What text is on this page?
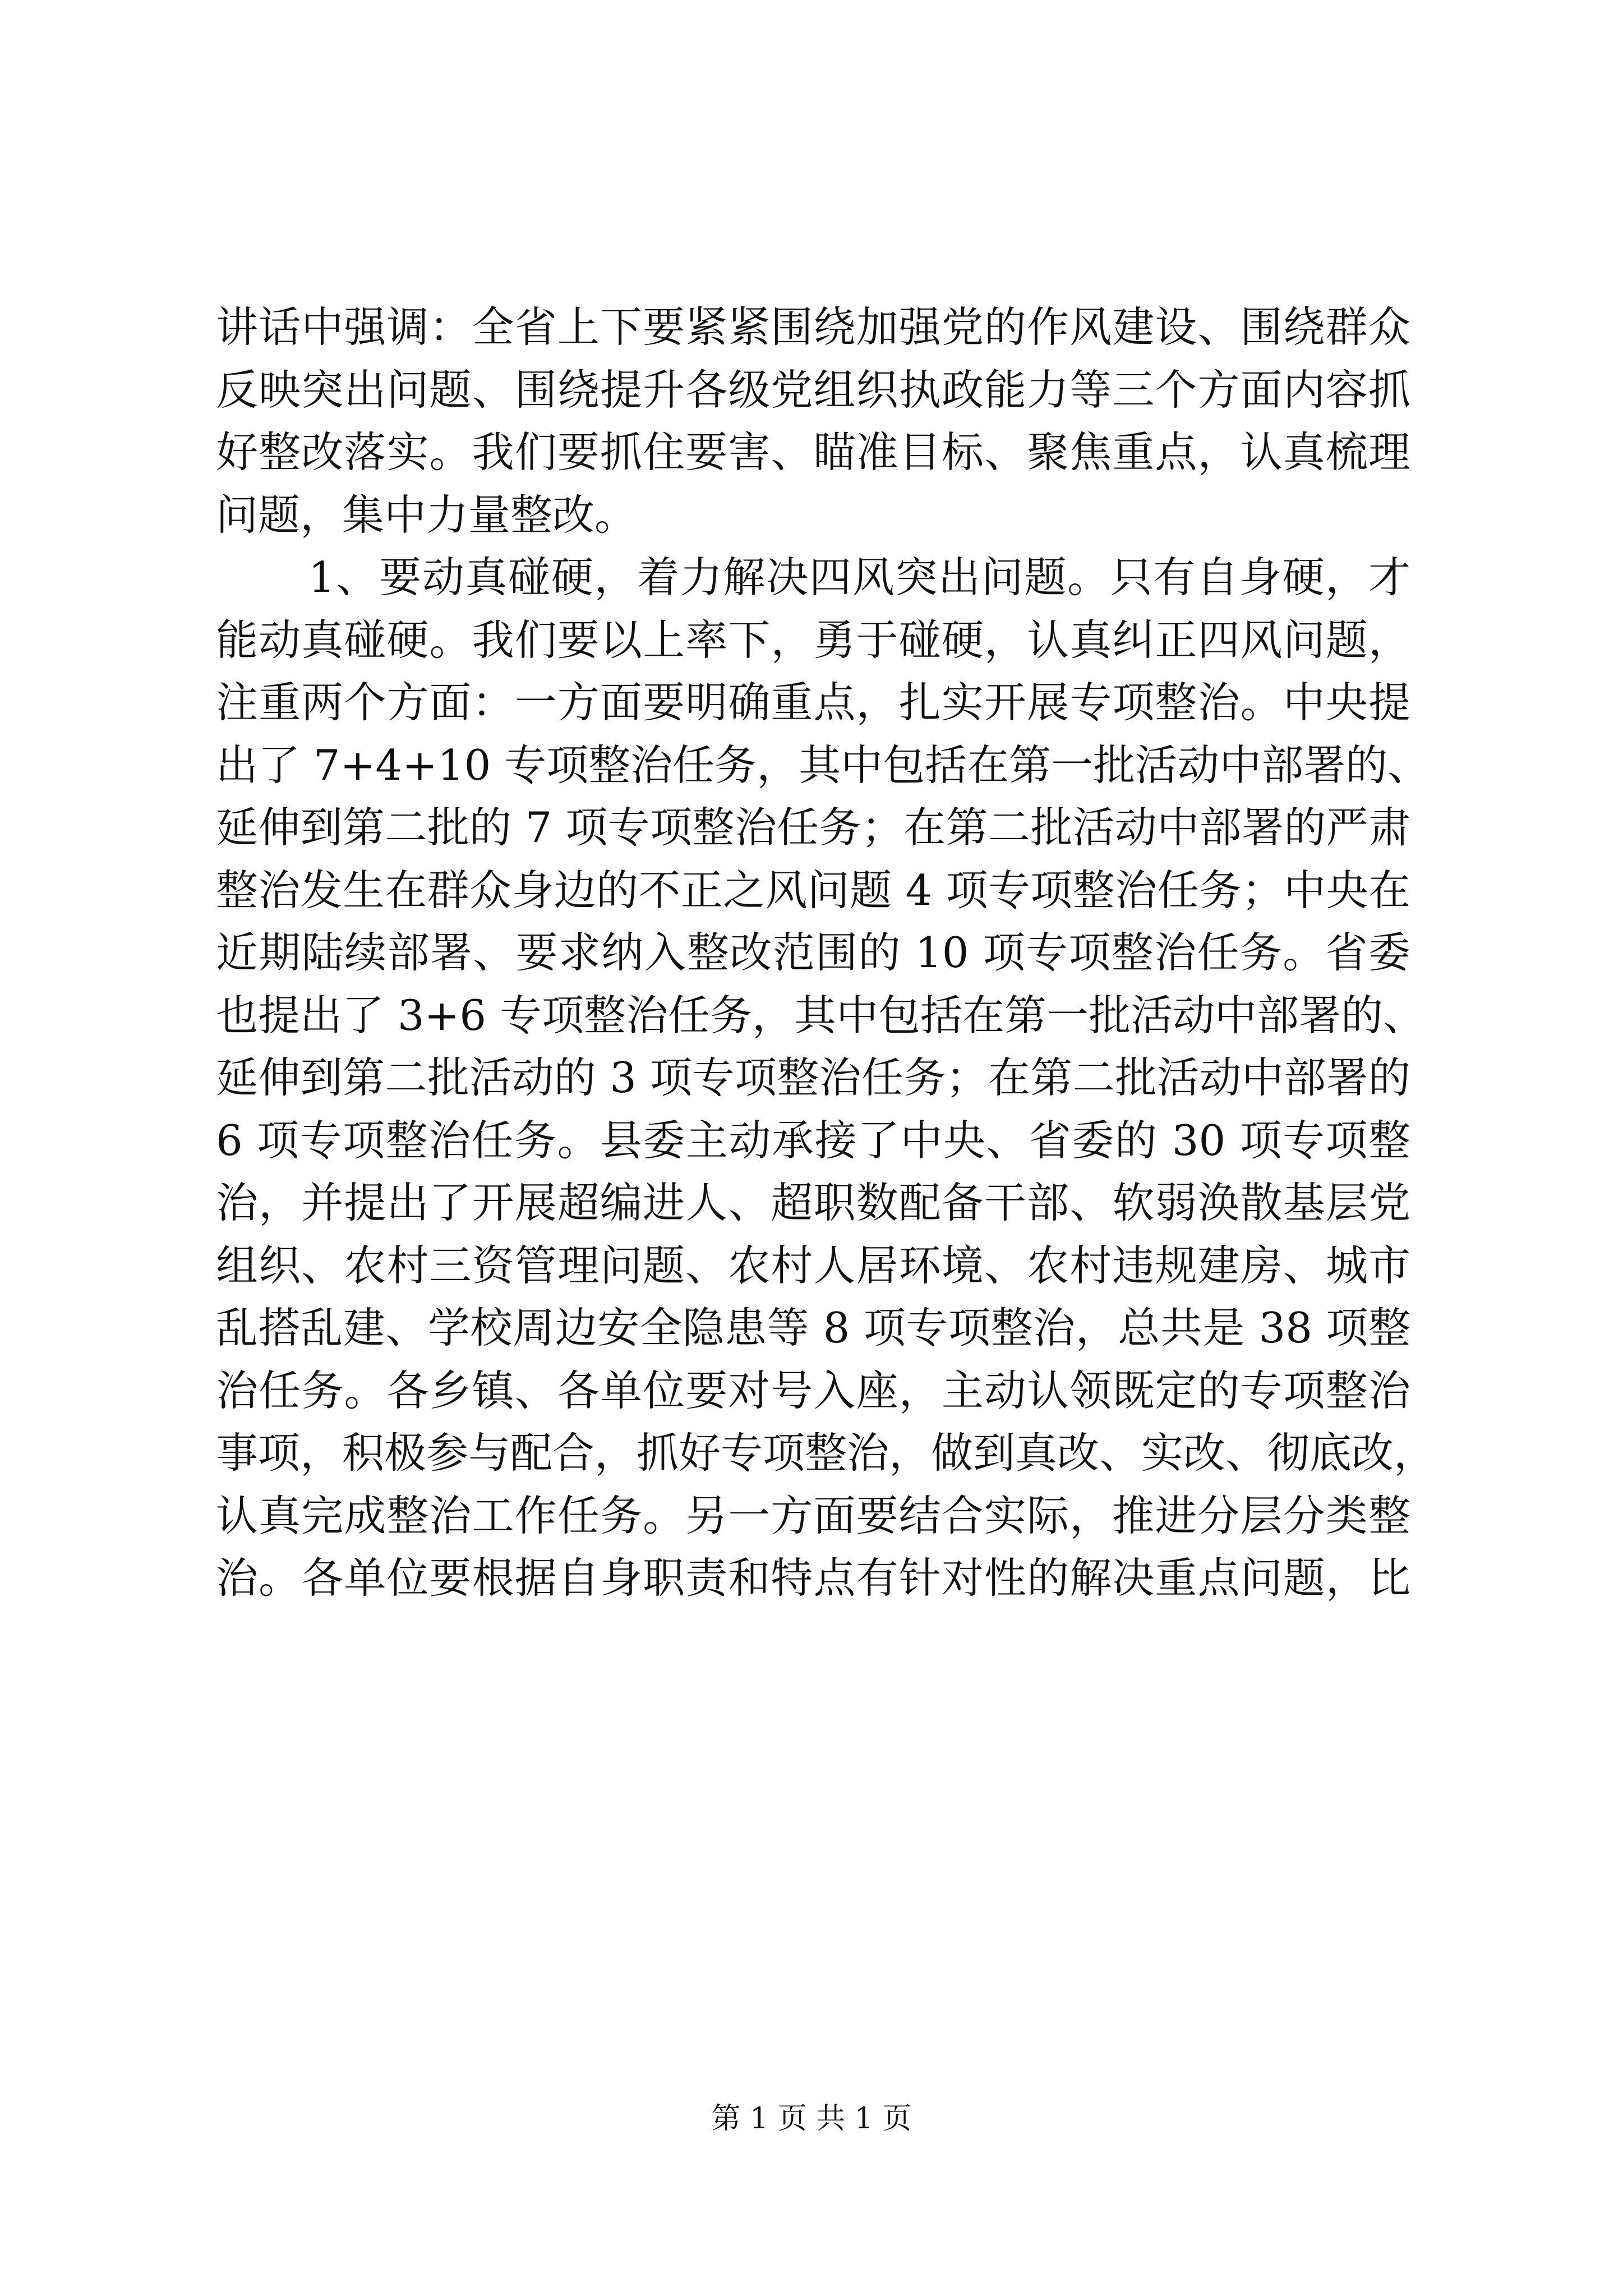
讲话中强调：全省上下要紧紧围绕加强党的作风建设、围绕群众
反映突出问题、围绕提升各级党组织执政能力等三个方面内容抓
好整改落实。我们要抓住要害、瞄准目标、聚焦重点，认真梳理
问题，集中力量整改。
1、要动真碰硬，着力解决四风突出问题。只有自身硬，才
能动真碰硬。我们要以上率下，勇于碰硬，认真纠正四风问题，
注重两个方面：一方面要明确重点，扎实开展专项整治。中央提
出了 7+4+10 专项整治任务，其中包括在第一批活动中部署的、
延伸到第二批的 7 项专项整治任务；在第二批活动中部署的严肃
整治发生在群众身边的不正之风问题 4 项专项整治任务；中央在
近期陆续部署、要求纳入整改范围的 10 项专项整治任务。省委
也提出了 3+6 专项整治任务，其中包括在第一批活动中部署的、
延伸到第二批活动的 3 项专项整治任务；在第二批活动中部署的
6 项专项整治任务。县委主动承接了中央、省委的 30 项专项整
治，并提出了开展超编进人、超职数配备干部、软弱涣散基层党
组织、农村三资管理问题、农村人居环境、农村违规建房、城市
乱搭乱建、学校周边安全隐患等 8 项专项整治，总共是 38 项整
治任务。各乡镇、各单位要对号入座，主动认领既定的专项整治
事项，积极参与配合，抓好专项整治，做到真改、实改、彻底改，
认真完成整治工作任务。另一方面要结合实际，推进分层分类整
治。各单位要根据自身职责和特点有针对性的解决重点问题，比
第 1 页 共 1 页
